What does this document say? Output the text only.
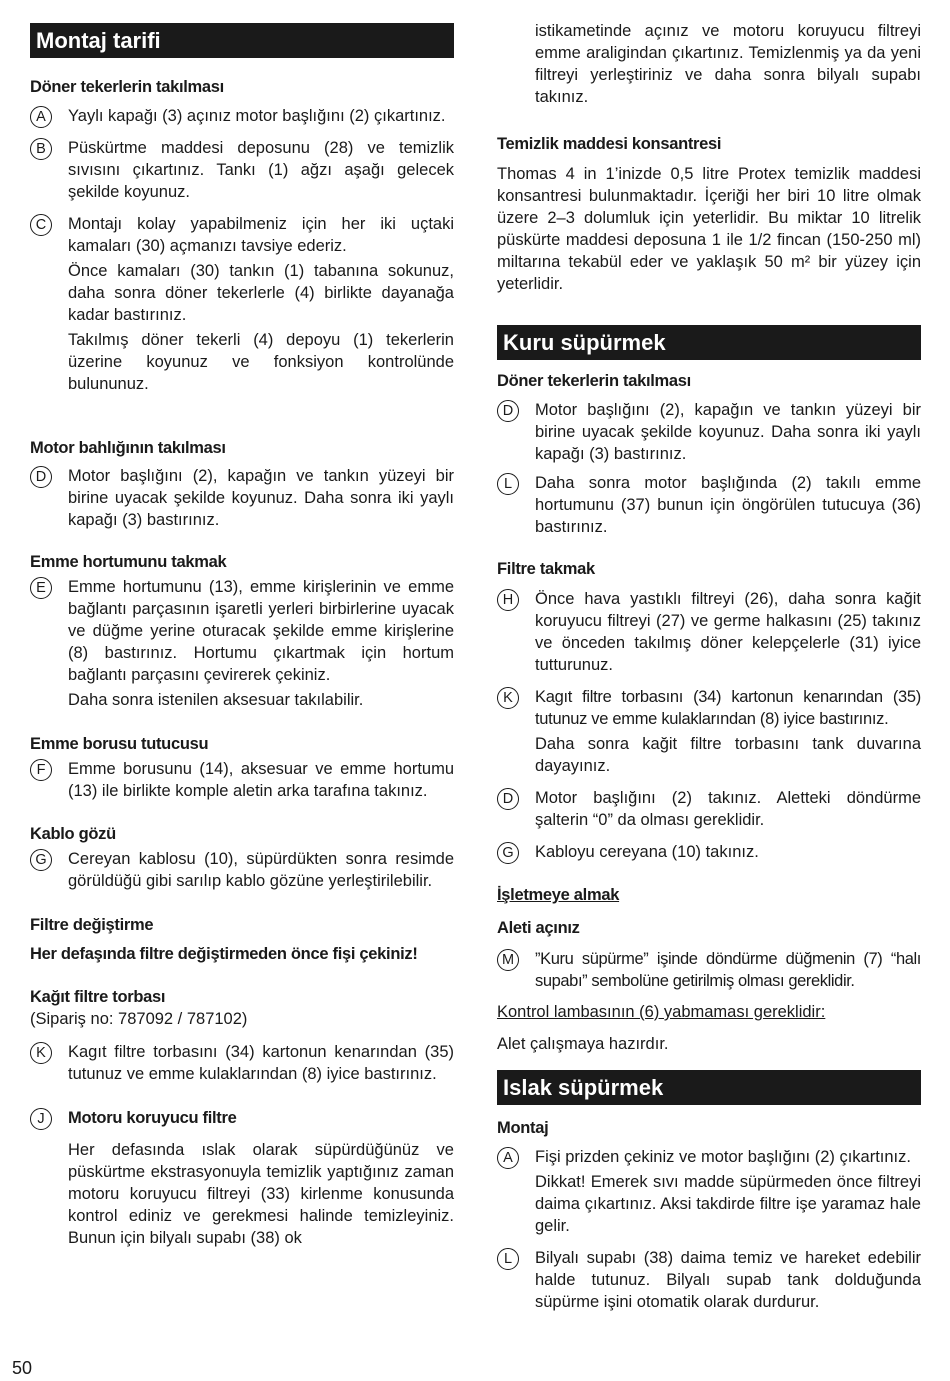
Montaj tarifi
Döner tekerlerin takılması
A	Yaylı kapağı (3) açınız motor başlığını (2) çıkartınız.
B	Püskürtme maddesi deposunu (28) ve temizlik sıvısını çıkartınız. Tankı (1) ağzı aşağı gelecek şekilde koyunuz.
C	Montajı kolay yapabilmeniz için her iki uçtaki kamaları (30) açmanızı tavsiye ederiz.
Önce kamaları (30) tankın (1) tabanına sokunuz, daha sonra döner tekerlerle (4) birlikte dayanağa kadar bastırınız.
Takılmış döner tekerli (4) depoyu (1) tekerlerin üzerine koyunuz ve fonksiyon kontrolünde bulununuz.
Motor bahlığının takılması
D	Motor başlığını (2), kapağın ve tankın yüzeyi bir birine uyacak şekilde koyunuz. Daha sonra iki yaylı kapağı (3) bastırınız.
Emme hortumunu takmak
E	Emme hortumunu (13), emme kirişlerinin ve emme bağlantı parçasının işaretli yerleri birbirlerine uyacak ve düğme yerine oturacak şekilde emme kirişlerine (8) bastırınız. Hortumu çıkartmak için hortum bağlantı parçasını çevirerek çekiniz.
Daha sonra istenilen aksesuar takılabilir.
Emme borusu tutucusu
F	Emme borusunu (14), aksesuar ve emme hortumu (13) ile birlikte komple aletin arka tarafına takınız.
Kablo gözü
G	Cereyan kablosu (10), süpürdükten sonra resimde görüldüğü gibi sarılıp kablo gözüne yerleştirilebilir.
Filtre değiştirme
Her defaşında filtre değiştirmeden önce fişi çekiniz!
Kağıt filtre torbası
(Sipariş no: 787092 / 787102)
K	Kagıt filtre torbasını (34) kartonun kenarından (35) tutunuz ve emme kulaklarından (8) iyice bastırınız.
J	Motoru koruyucu filtre
Her defasında ıslak olarak süpürdüğünüz ve püskürtme ekstrasyonuyla temizlik yaptığınız zaman motoru koruyucu filtreyi (33) kirlenme konusunda kontrol ediniz ve gerekmesi halinde temizleyiniz. Bunun için bilyalı supabı (38) ok
istikametinde açınız ve motoru koruyucu filtreyi emme araligindan çıkartınız. Temizlenmiş ya da yeni filtreyi yerleştiriniz ve daha sonra bilyalı supabı takınız.
Temizlik maddesi konsantresi
Thomas 4 in 1’inizde 0,5 litre Protex temizlik maddesi konsantresi bulunmaktadır. İçeriği her biri 10 litre olmak üzere 2–3 dolumluk için yeterlidir. Bu miktar 10 litrelik püskürte maddesi deposuna 1 ile 1/2 fincan (150-250 ml) miltarına tekabül eder ve yaklaşık 50 m² bir yüzey için yeterlidir.
Kuru süpürmek
Döner tekerlerin takılması
D	Motor başlığını (2), kapağın ve tankın yüzeyi bir birine uyacak şekilde koyunuz. Daha sonra iki yaylı kapağı (3) bastırınız.
L	Daha sonra motor başlığında (2) takılı emme hortumunu (37) bunun için öngörülen tutucuya (36) bastırınız.
Filtre takmak
H	Önce hava yastıklı filtreyi (26), daha sonra kağit koruyucu filtreyi (27) ve germe halkasını (25) takınız ve önceden takılmış döner kelepçelerle (31) iyice tutturunuz.
K	Kagıt filtre torbasını (34) kartonun kenarından (35) tutunuz ve emme kulaklarından (8) iyice bastırınız.
Daha sonra kağit filtre torbasını tank duvarına dayayınız.
D	Motor başlığını (2) takınız. Aletteki döndürme şalterin “0” da olması gereklidir.
G	Kabloyu cereyana (10) takınız.
İşletmeye almak
Aleti açınız
M	”Kuru süpürme” işinde döndürme düğmenin (7) “halı supabı” sembolüne getirilmiş olması gereklidir.
Kontrol lambasının (6) yabmaması gereklidir:
Alet çalışmaya hazırdır.
Islak süpürmek
Montaj
A	Fişi prizden çekiniz ve motor başlığını (2) çıkartınız.
Dikkat! Emerek sıvı madde süpürmeden önce filtreyi daima çıkartınız. Aksi takdirde filtre işe yaramaz hale gelir.
L	Bilyalı supabı (38) daima temiz ve hareket edebilir halde tutunuz. Bilyalı supab tank dolduğunda süpürme işini otomatik olarak durdurur.
50
